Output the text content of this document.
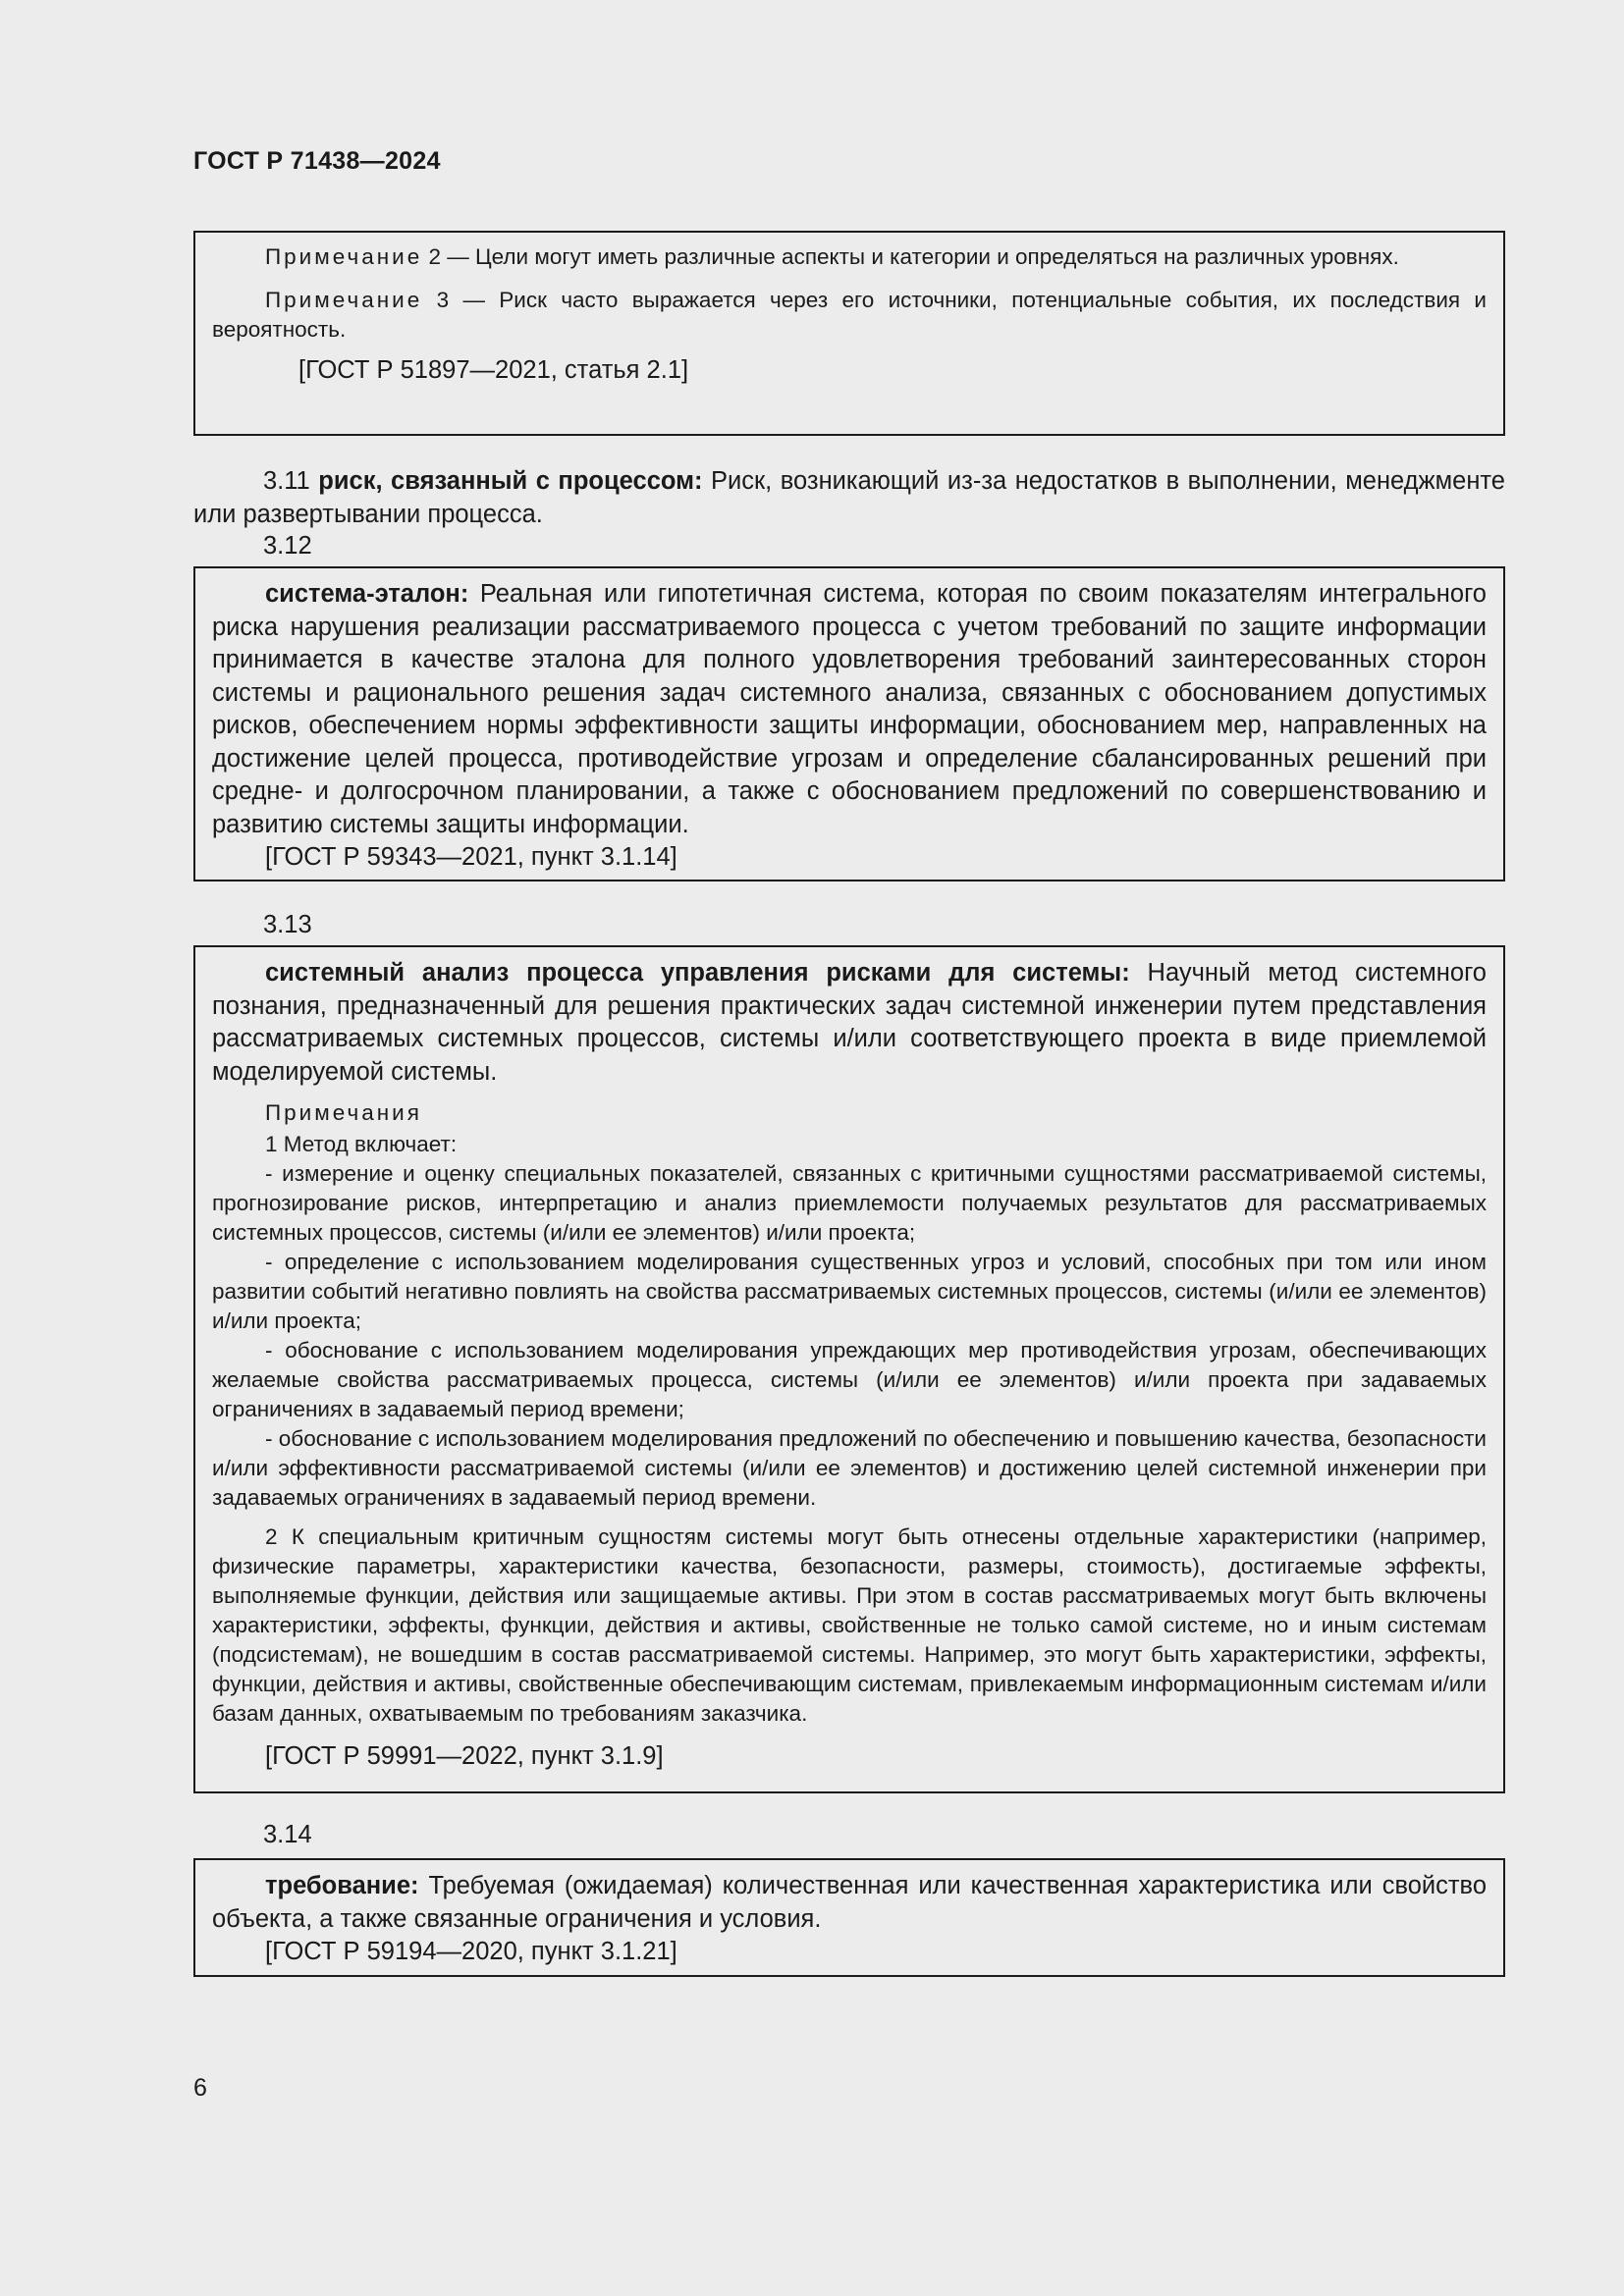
ГОСТ Р 71438—2024

Примечание 2 — Цели могут иметь различные аспекты и категории и определяться на различных уровнях.

Примечание 3 — Риск часто выражается через его источники, потенциальные события, их последствия и вероятность.

[ГОСТ Р 51897—2021, статья 2.1]

3.11 риск, связанный с процессом: Риск, возникающий из-за недостатков в выполнении, менеджменте или развертывании процесса.

3.12

система-эталон: Реальная или гипотетичная система, которая по своим показателям интегрального риска нарушения реализации рассматриваемого процесса с учетом требований по защите информации принимается в качестве эталона для полного удовлетворения требований заинтересованных сторон системы и рационального решения задач системного анализа, связанных с обоснованием допустимых рисков, обеспечением нормы эффективности защиты информации, обоснованием мер, направленных на достижение целей процесса, противодействие угрозам и определение сбалансированных решений при средне- и долгосрочном планировании, а также с обоснованием предложений по совершенствованию и развитию системы защиты информации.

[ГОСТ Р 59343—2021, пункт 3.1.14]

3.13

системный анализ процесса управления рисками для системы: Научный метод системного познания, предназначенный для решения практических задач системной инженерии путем представления рассматриваемых системных процессов, системы и/или соответствующего проекта в виде приемлемой моделируемой системы.

Примечания

1 Метод включает:

- измерение и оценку специальных показателей, связанных с критичными сущностями рассматриваемой системы, прогнозирование рисков, интерпретацию и анализ приемлемости получаемых результатов для рассматриваемых системных процессов, системы (и/или ее элементов) и/или проекта;

- определение с использованием моделирования существенных угроз и условий, способных при том или ином развитии событий негативно повлиять на свойства рассматриваемых системных процессов, системы (и/или ее элементов) и/или проекта;

- обоснование с использованием моделирования упреждающих мер противодействия угрозам, обеспечивающих желаемые свойства рассматриваемых процесса, системы (и/или ее элементов) и/или проекта при задаваемых ограничениях в задаваемый период времени;

- обоснование с использованием моделирования предложений по обеспечению и повышению качества, безопасности и/или эффективности рассматриваемой системы (и/или ее элементов) и достижению целей системной инженерии при задаваемых ограничениях в задаваемый период времени.

2 К специальным критичным сущностям системы могут быть отнесены отдельные характеристики (например, физические параметры, характеристики качества, безопасности, размеры, стоимость), достигаемые эффекты, выполняемые функции, действия или защищаемые активы. При этом в состав рассматриваемых могут быть включены характеристики, эффекты, функции, действия и активы, свойственные не только самой системе, но и иным системам (подсистемам), не вошедшим в состав рассматриваемой системы. Например, это могут быть характеристики, эффекты, функции, действия и активы, свойственные обеспечивающим системам, привлекаемым информационным системам и/или базам данных, охватываемым по требованиям заказчика.

[ГОСТ Р 59991—2022, пункт 3.1.9]

3.14

требование: Требуемая (ожидаемая) количественная или качественная характеристика или свойство объекта, а также связанные ограничения и условия.

[ГОСТ Р 59194—2020, пункт 3.1.21]

6
